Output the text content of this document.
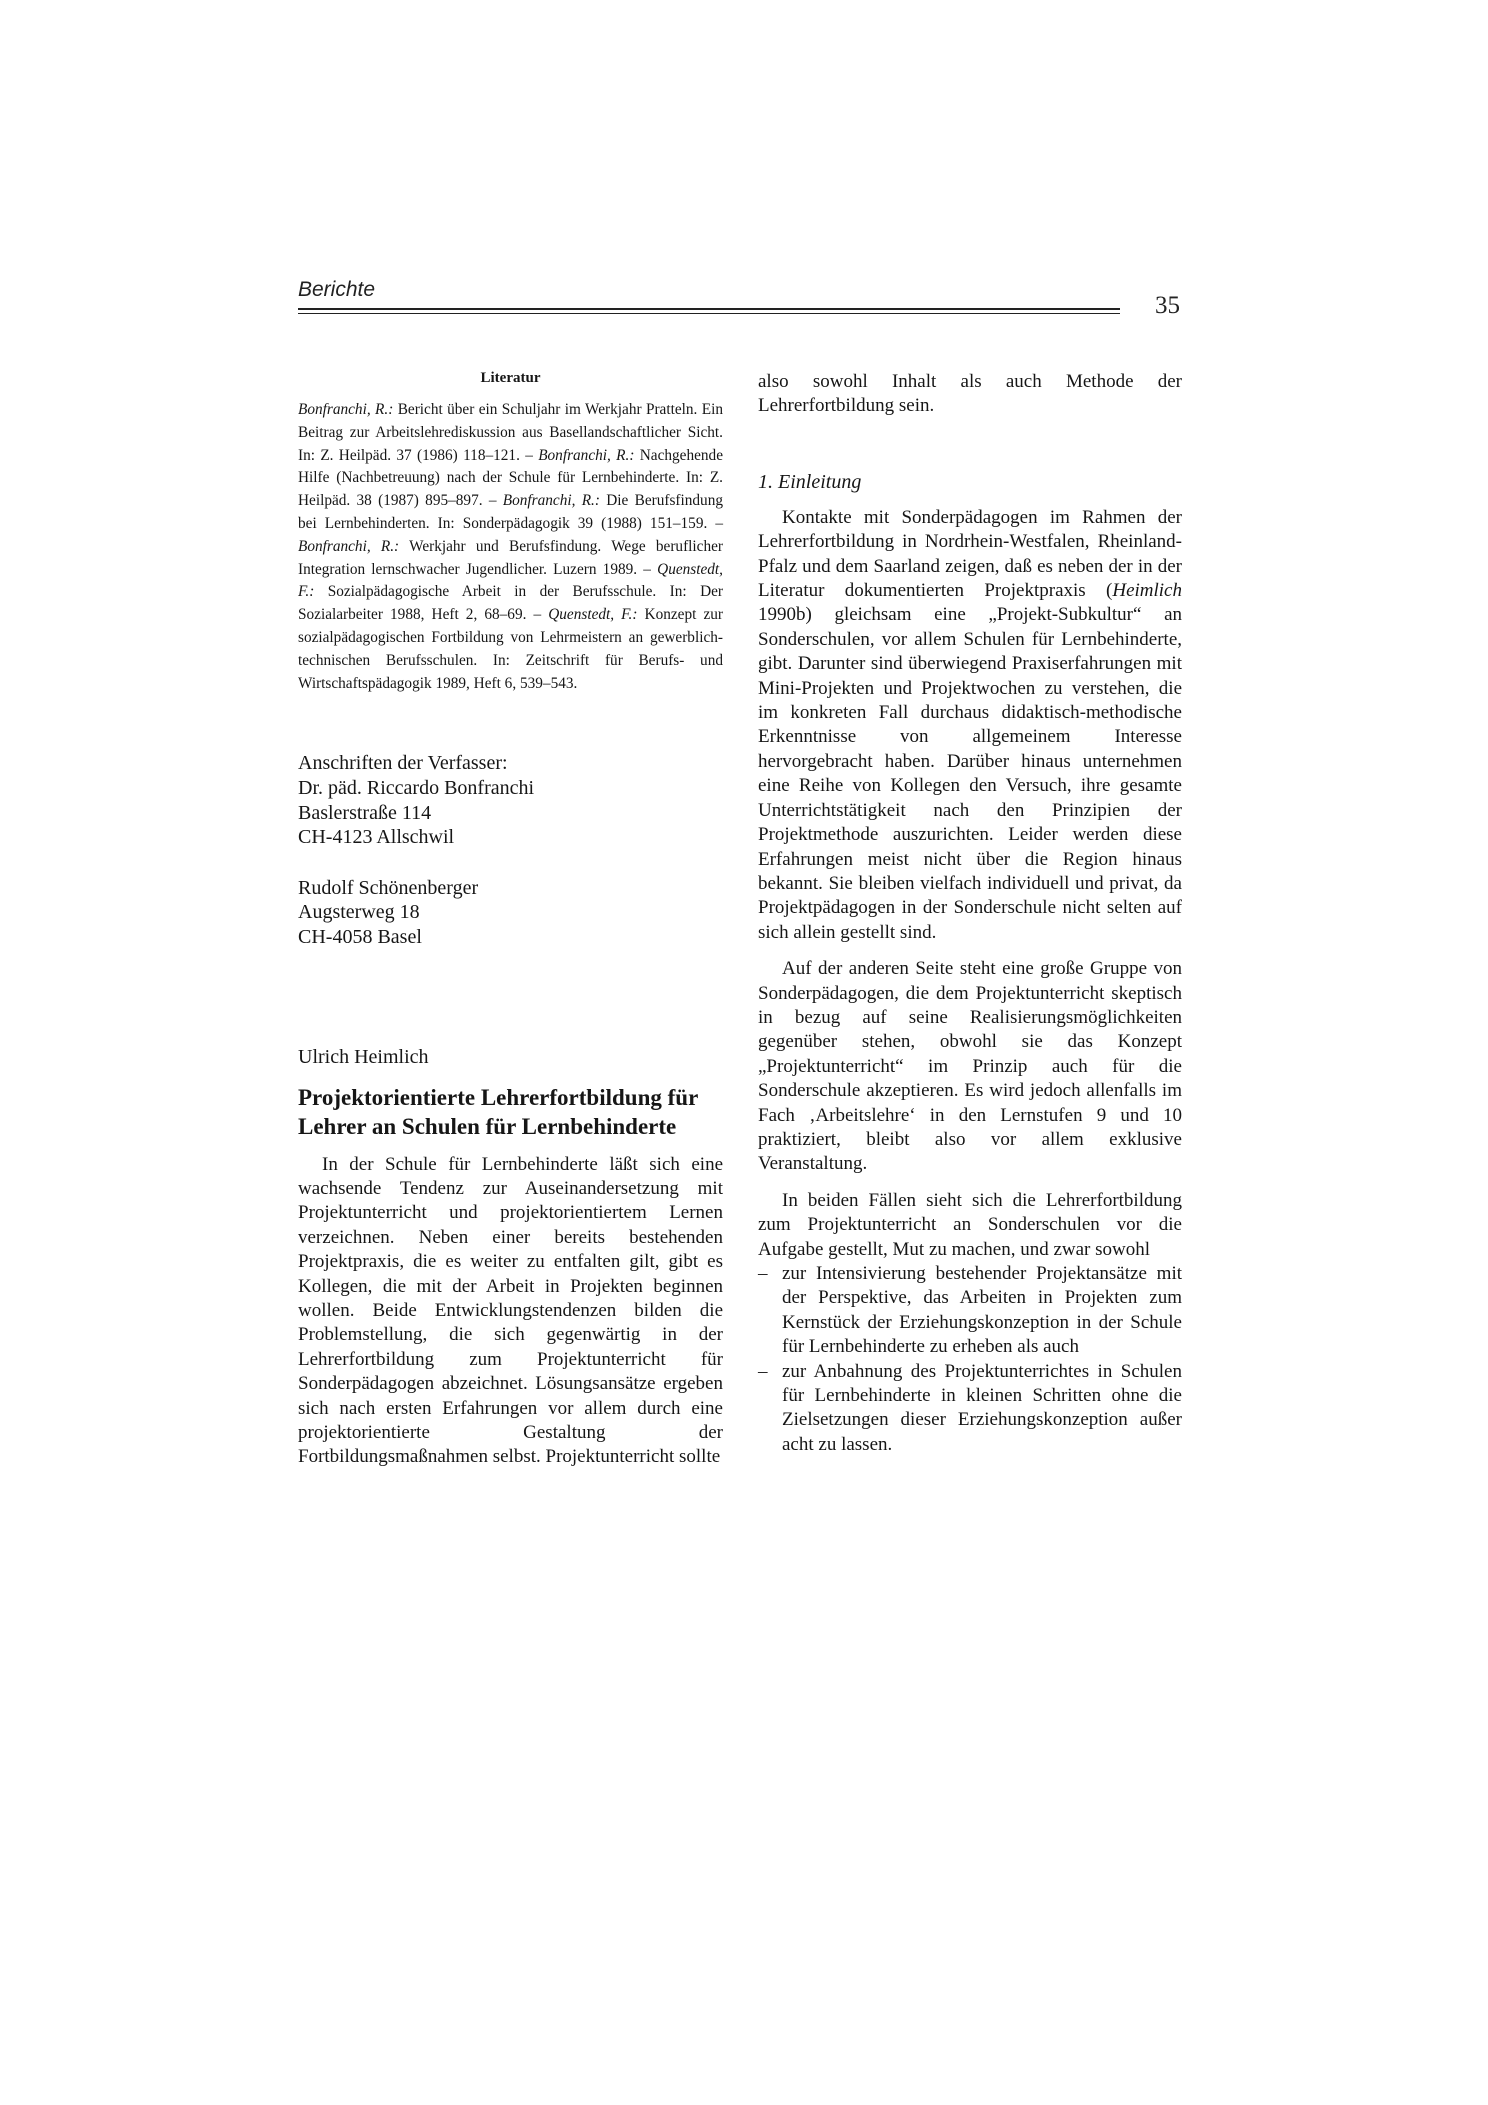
Berichte
35
Literatur

Bonfranchi, R.: Bericht über ein Schuljahr im Werkjahr Pratteln. Ein Beitrag zur Arbeitslehrediskussion aus Basellandschaftlicher Sicht. In: Z. Heilpäd. 37 (1986) 118–121. – Bonfranchi, R.: Nachgehende Hilfe (Nachbetreuung) nach der Schule für Lernbehinderte. In: Z. Heilpäd. 38 (1987) 895–897. – Bonfranchi, R.: Die Berufsfindung bei Lernbehinderten. In: Sonderpädagogik 39 (1988) 151–159. – Bonfranchi, R.: Werkjahr und Berufsfindung. Wege beruflicher Integration lernschwacher Jugendlicher. Luzern 1989. – Quenstedt, F.: Sozialpädagogische Arbeit in der Berufsschule. In: Der Sozialarbeiter 1988, Heft 2, 68–69. – Quenstedt, F.: Konzept zur sozialpädagogischen Fortbildung von Lehrmeistern an gewerblich-technischen Berufsschulen. In: Zeitschrift für Berufs- und Wirtschaftspädagogik 1989, Heft 6, 539–543.

Anschriften der Verfasser:
Dr. päd. Riccardo Bonfranchi
Baslerstraße 114
CH-4123 Allschwil
Rudolf Schönenberger
Augsterweg 18
CH-4058 Basel
Ulrich Heimlich
Projektorientierte Lehrerfortbildung für Lehrer an Schulen für Lernbehinderte

In der Schule für Lernbehinderte läßt sich eine wachsende Tendenz zur Auseinandersetzung mit Projektunterricht und projektorientiertem Lernen verzeichnen. Neben einer bereits bestehenden Projektpraxis, die es weiter zu entfalten gilt, gibt es Kollegen, die mit der Arbeit in Projekten beginnen wollen. Beide Entwicklungstendenzen bilden die Problemstellung, die sich gegenwärtig in der Lehrerfortbildung zum Projektunterricht für Sonderpädagogen abzeichnet. Lösungsansätze ergeben sich nach ersten Erfahrungen vor allem durch eine projektorientierte Gestaltung der Fortbildungsmaßnahmen selbst. Projektunterricht sollte

also sowohl Inhalt als auch Methode der Lehrerfortbildung sein.

1. Einleitung

Kontakte mit Sonderpädagogen im Rahmen der Lehrerfortbildung in Nordrhein-Westfalen, Rheinland-Pfalz und dem Saarland zeigen, daß es neben der in der Literatur dokumentierten Projektpraxis (Heimlich 1990b) gleichsam eine „Projekt-Subkultur“ an Sonderschulen, vor allem Schulen für Lernbehinderte, gibt. Darunter sind überwiegend Praxiserfahrungen mit Mini-Projekten und Projektwochen zu verstehen, die im konkreten Fall durchaus didaktisch-methodische Erkenntnisse von allgemeinem Interesse hervorgebracht haben. Darüber hinaus unternehmen eine Reihe von Kollegen den Versuch, ihre gesamte Unterrichtstätigkeit nach den Prinzipien der Projektmethode auszurichten. Leider werden diese Erfahrungen meist nicht über die Region hinaus bekannt. Sie bleiben vielfach individuell und privat, da Projektpädagogen in der Sonderschule nicht selten auf sich allein gestellt sind.

Auf der anderen Seite steht eine große Gruppe von Sonderpädagogen, die dem Projektunterricht skeptisch in bezug auf seine Realisierungsmöglichkeiten gegenüber stehen, obwohl sie das Konzept „Projektunterricht“ im Prinzip auch für die Sonderschule akzeptieren. Es wird jedoch allenfalls im Fach ‚Arbeitslehre‘ in den Lernstufen 9 und 10 praktiziert, bleibt also vor allem exklusive Veranstaltung.

In beiden Fällen sieht sich die Lehrerfortbildung zum Projektunterricht an Sonderschulen vor die Aufgabe gestellt, Mut zu machen, und zwar sowohl

– zur Intensivierung bestehender Projektansätze mit der Perspektive, das Arbeiten in Projekten zum Kernstück der Erziehungskonzeption in der Schule für Lernbehinderte zu erheben als auch
– zur Anbahnung des Projektunterrichtes in Schulen für Lernbehinderte in kleinen Schritten ohne die Zielsetzungen dieser Erziehungskonzeption außer acht zu lassen.
